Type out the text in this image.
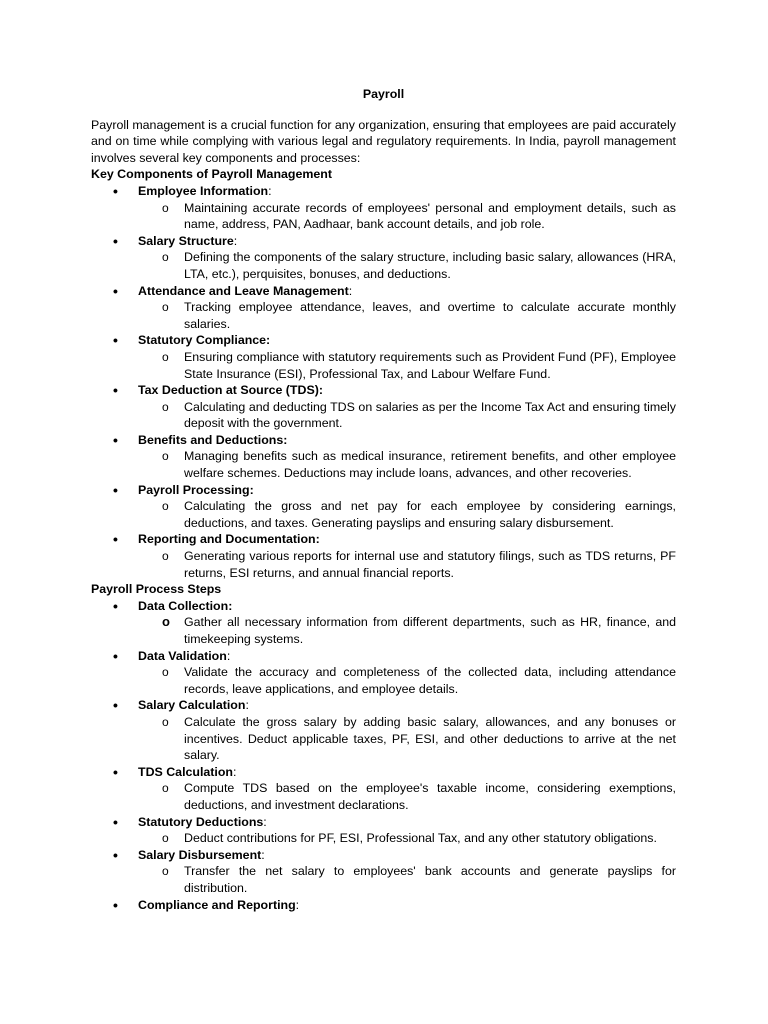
Payroll

Payroll management is a crucial function for any organization, ensuring that employees are paid accurately and on time while complying with various legal and regulatory requirements. In India, payroll management involves several key components and processes:

Key Components of Payroll Management

• Employee Information:
o Maintaining accurate records of employees' personal and employment details, such as name, address, PAN, Aadhaar, bank account details, and job role.
• Salary Structure:
o Defining the components of the salary structure, including basic salary, allowances (HRA, LTA, etc.), perquisites, bonuses, and deductions.
• Attendance and Leave Management:
o Tracking employee attendance, leaves, and overtime to calculate accurate monthly salaries.
• Statutory Compliance:
o Ensuring compliance with statutory requirements such as Provident Fund (PF), Employee State Insurance (ESI), Professional Tax, and Labour Welfare Fund.
• Tax Deduction at Source (TDS):
o Calculating and deducting TDS on salaries as per the Income Tax Act and ensuring timely deposit with the government.
• Benefits and Deductions:
o Managing benefits such as medical insurance, retirement benefits, and other employee welfare schemes. Deductions may include loans, advances, and other recoveries.
• Payroll Processing:
o Calculating the gross and net pay for each employee by considering earnings, deductions, and taxes. Generating payslips and ensuring salary disbursement.
• Reporting and Documentation:
o Generating various reports for internal use and statutory filings, such as TDS returns, PF returns, ESI returns, and annual financial reports.

Payroll Process Steps

• Data Collection:
o Gather all necessary information from different departments, such as HR, finance, and timekeeping systems.
• Data Validation:
o Validate the accuracy and completeness of the collected data, including attendance records, leave applications, and employee details.
• Salary Calculation:
o Calculate the gross salary by adding basic salary, allowances, and any bonuses or incentives. Deduct applicable taxes, PF, ESI, and other deductions to arrive at the net salary.
• TDS Calculation:
o Compute TDS based on the employee's taxable income, considering exemptions, deductions, and investment declarations.
• Statutory Deductions:
o Deduct contributions for PF, ESI, Professional Tax, and any other statutory obligations.
• Salary Disbursement:
o Transfer the net salary to employees' bank accounts and generate payslips for distribution.
• Compliance and Reporting:
